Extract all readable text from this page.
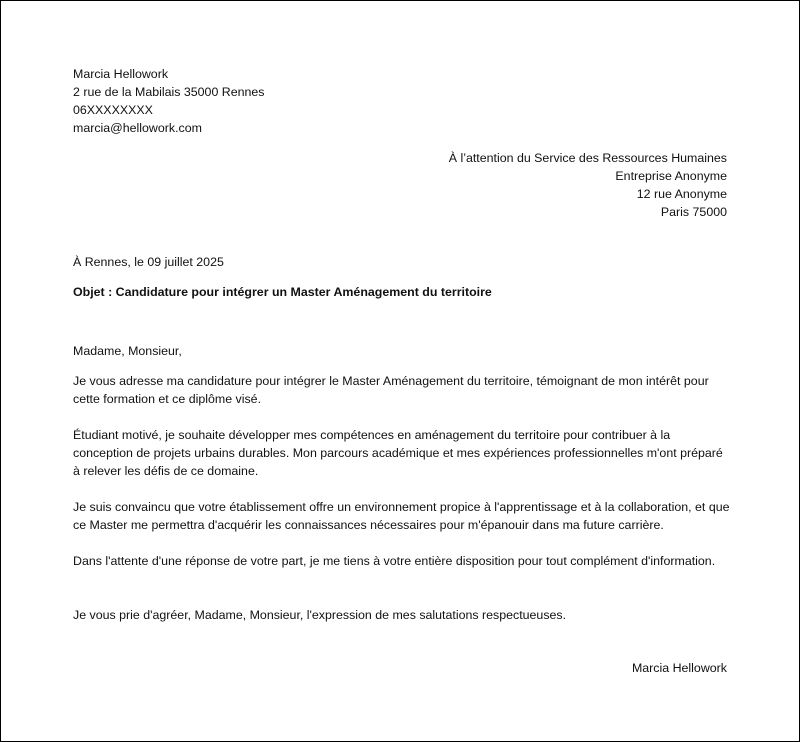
Marcia Hellowork
2 rue de la Mabilais 35000 Rennes
06XXXXXXXX
marcia@hellowork.com
À l’attention du Service des Ressources Humaines
Entreprise Anonyme
12 rue Anonyme
Paris 75000
À Rennes, le 09 juillet 2025
Objet : Candidature pour intégrer un Master Aménagement du territoire
Madame, Monsieur,
Je vous adresse ma candidature pour intégrer le Master Aménagement du territoire, témoignant de mon intérêt pour cette formation et ce diplôme visé.
Étudiant motivé, je souhaite développer mes compétences en aménagement du territoire pour contribuer à la conception de projets urbains durables. Mon parcours académique et mes expériences professionnelles m'ont préparé à relever les défis de ce domaine.
Je suis convaincu que votre établissement offre un environnement propice à l'apprentissage et à la collaboration, et que ce Master me permettra d'acquérir les connaissances nécessaires pour m'épanouir dans ma future carrière.
Dans l'attente d'une réponse de votre part, je me tiens à votre entière disposition pour tout complément d'information.
Je vous prie d'agréer, Madame, Monsieur, l'expression de mes salutations respectueuses.
Marcia Hellowork
